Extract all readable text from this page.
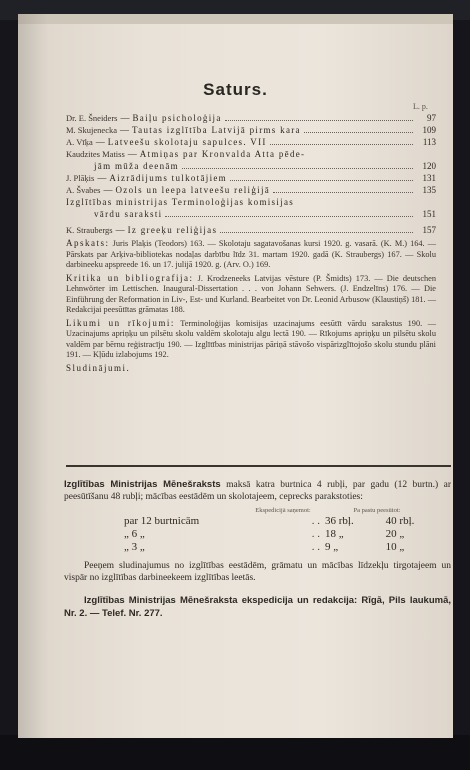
Saturs.
L. p.
Dr. E. Šneiders — Baiļu psicholoģija	97
M. Skujenecka — Tautas izglītība Latvijā pirms kara	109
A. Vīķa — Latveešu skolotaju sapulces. VII	113
Kaudzites Matiss — Atmiņas par Kronvalda Atta pēde-
jām mūža deenām	120
J. Plāķis — Aizrādijums tulkotājiem	131
A. Švabes — Ozols un leepa latveešu reliģijā	135
Izglītības ministrijas Terminoloģijas komisijas
vārdu saraksti	151
K. Straubergs — Iz greeķu reliģijas	157
Apskats: Juris Plaķis (Teodors) 163. — Skolotaju sagatavošanas kursi 1920. g. vasarā. (K. M.) 164. — Pārskats par Arķiva-bibliotekas nodaļas darbību līdz 31. martam 1920. gadā (K. Straubergs) 167. — Skolu darbineeku apspreede 16. un 17. julijā 1920. g. (Arv. O.) 169.
Kritika un bibliografija: J. Krodzeneeks Latvijas vēsture (P. Šmidts) 173. — Die deutschen Lehnwörter im Lettischen. Inaugural-Dissertation . . . von Johann Sehwers. (J. Endzelīns) 176. — Die Einführung der Reformation in Liv-, Est- und Kurland. Bearbeitet von Dr. Leonid Arbusow (Klaustiņš) 181. — Redakcijai peesūtītas grāmatas 188.
Likumi un rīkojumi: Terminoloģijas komisijas uzacinajums eesūtīt vārdu sarakstus 190. — Uzacinajums apriņķu un pilsētu skolu valdēm skolotaju algu lectā 190. — Rīkojums apriņķu un pilsētu skolu valdēm par bērnu reģistracīju 190. — Izglītības ministrijas pāriņā stāvošo vispārizglītojošo skolu stundu plāni 191. — Kļūdu izlabojums 192.
Sludinājumi.
Izglītības Ministrijas Mēnešraksts maksā katra burtnica 4 rubļi, par gadu (12 burtn.) ar peesūtīšanu 48 rubļi; mācības eestādēm un skolotajeem, ceprecks parakstoties:
Ekspedicijā saņemot:	Pa pastu peesūtot:
par 12 burtnicām	. . 36 rbļ.	40 rbļ.
„ 6 „	. . 18 „	20 „
„ 3 „	. . 9 „	10 „
Peeņem sludinajumus no izglītības eestādēm, grāmatu un mācības līdzekļu tirgotajeem un vispār no izglītības darbineekeem izglītības leetās.
Izglītības Ministrijas Mēnešraksta ekspedicija un redakcija: Rīgā, Pils laukumā, Nr. 2. — Telef. Nr. 277.
